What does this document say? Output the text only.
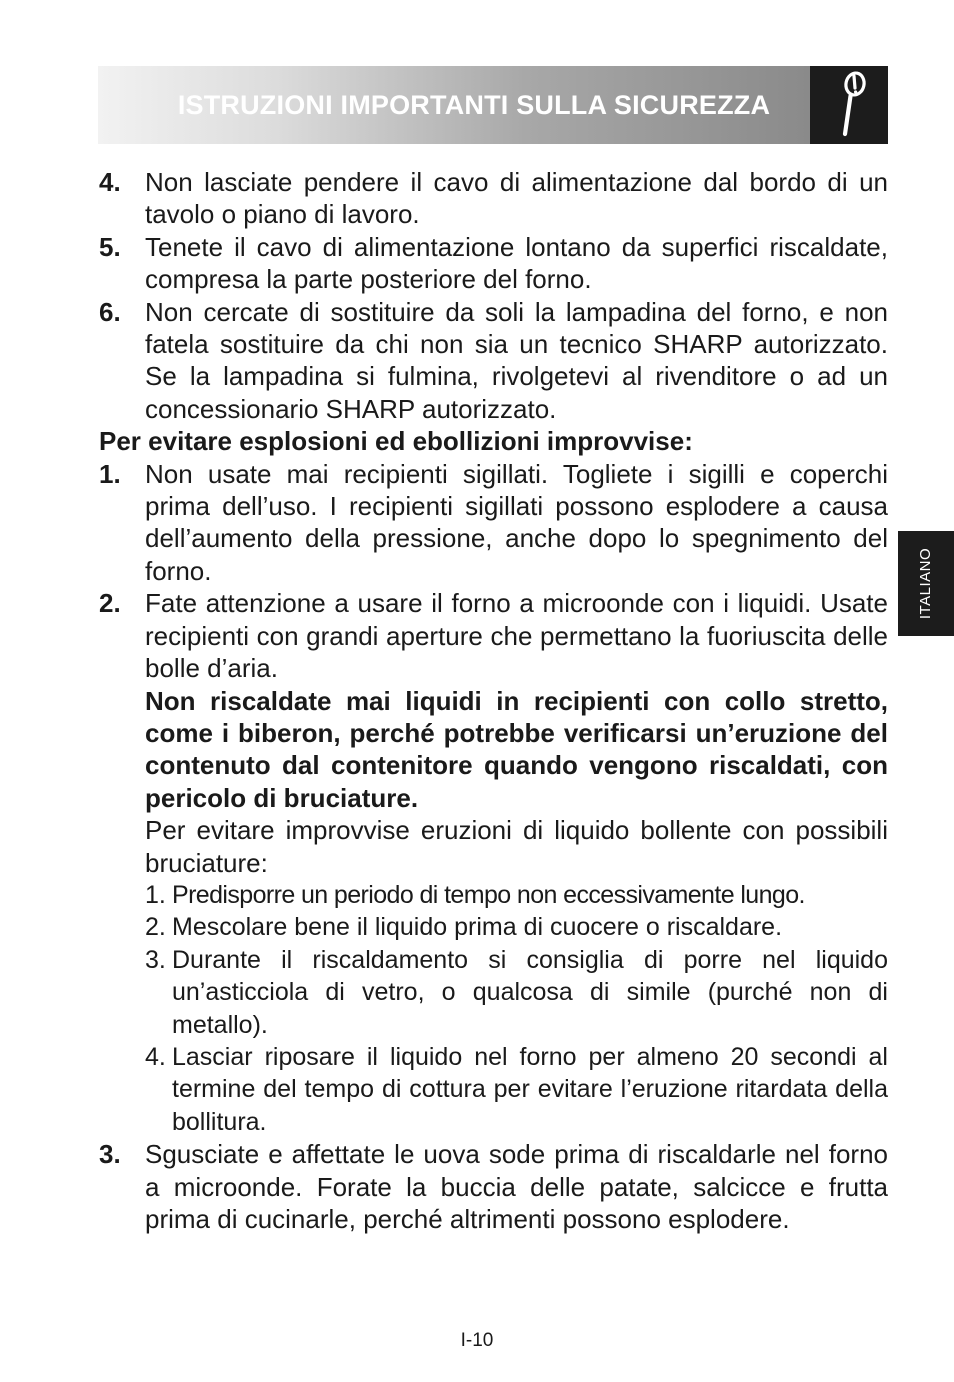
ISTRUZIONI IMPORTANTI SULLA SICUREZZA
ITALIANO
4. Non lasciate pendere il cavo di alimentazione dal bordo di un tavolo o piano di lavoro.
5. Tenete il cavo di alimentazione lontano da superfici riscaldate, compresa la parte posteriore del forno.
6. Non cercate di sostituire da soli la lampadina del forno, e non fatela sostituire da chi non sia un tecnico SHARP autorizzato. Se la lampadina si fulmina, rivolgetevi al rivenditore o ad un concessionario SHARP autorizzato.
Per evitare esplosioni ed ebollizioni improvvise:
1. Non usate mai recipienti sigillati. Togliete i sigilli e coperchi prima dell’uso. I recipienti sigillati possono esplodere a causa dell’aumento della pressione, anche dopo lo spegnimento del forno.
2. Fate attenzione a usare il forno a microonde con i liquidi. Usate recipienti con grandi aperture che permettano la fuoriuscita delle bolle d’aria.
Non riscaldate mai liquidi in recipienti con collo stretto, come i biberon, perché potrebbe verificarsi un’eruzione del contenuto dal contenitore quando vengono riscaldati, con pericolo di bruciature.
Per evitare improvvise eruzioni di liquido bollente con possibili bruciature:
1. Predisporre un periodo di tempo non eccessivamente lungo.
2. Mescolare bene il liquido prima di cuocere o riscaldare.
3. Durante il riscaldamento si consiglia di porre nel liquido un’asticciola di vetro, o qualcosa di simile (purché non di metallo).
4. Lasciar riposare il liquido nel forno per almeno 20 secondi al termine del tempo di cottura per evitare l’eruzione ritardata della bollitura.
3. Sgusciate e affettate le uova sode prima di riscaldarle nel forno a microonde. Forate la buccia delle patate, salcicce e frutta prima di cucinarle, perché altrimenti possono esplodere.
I-10
